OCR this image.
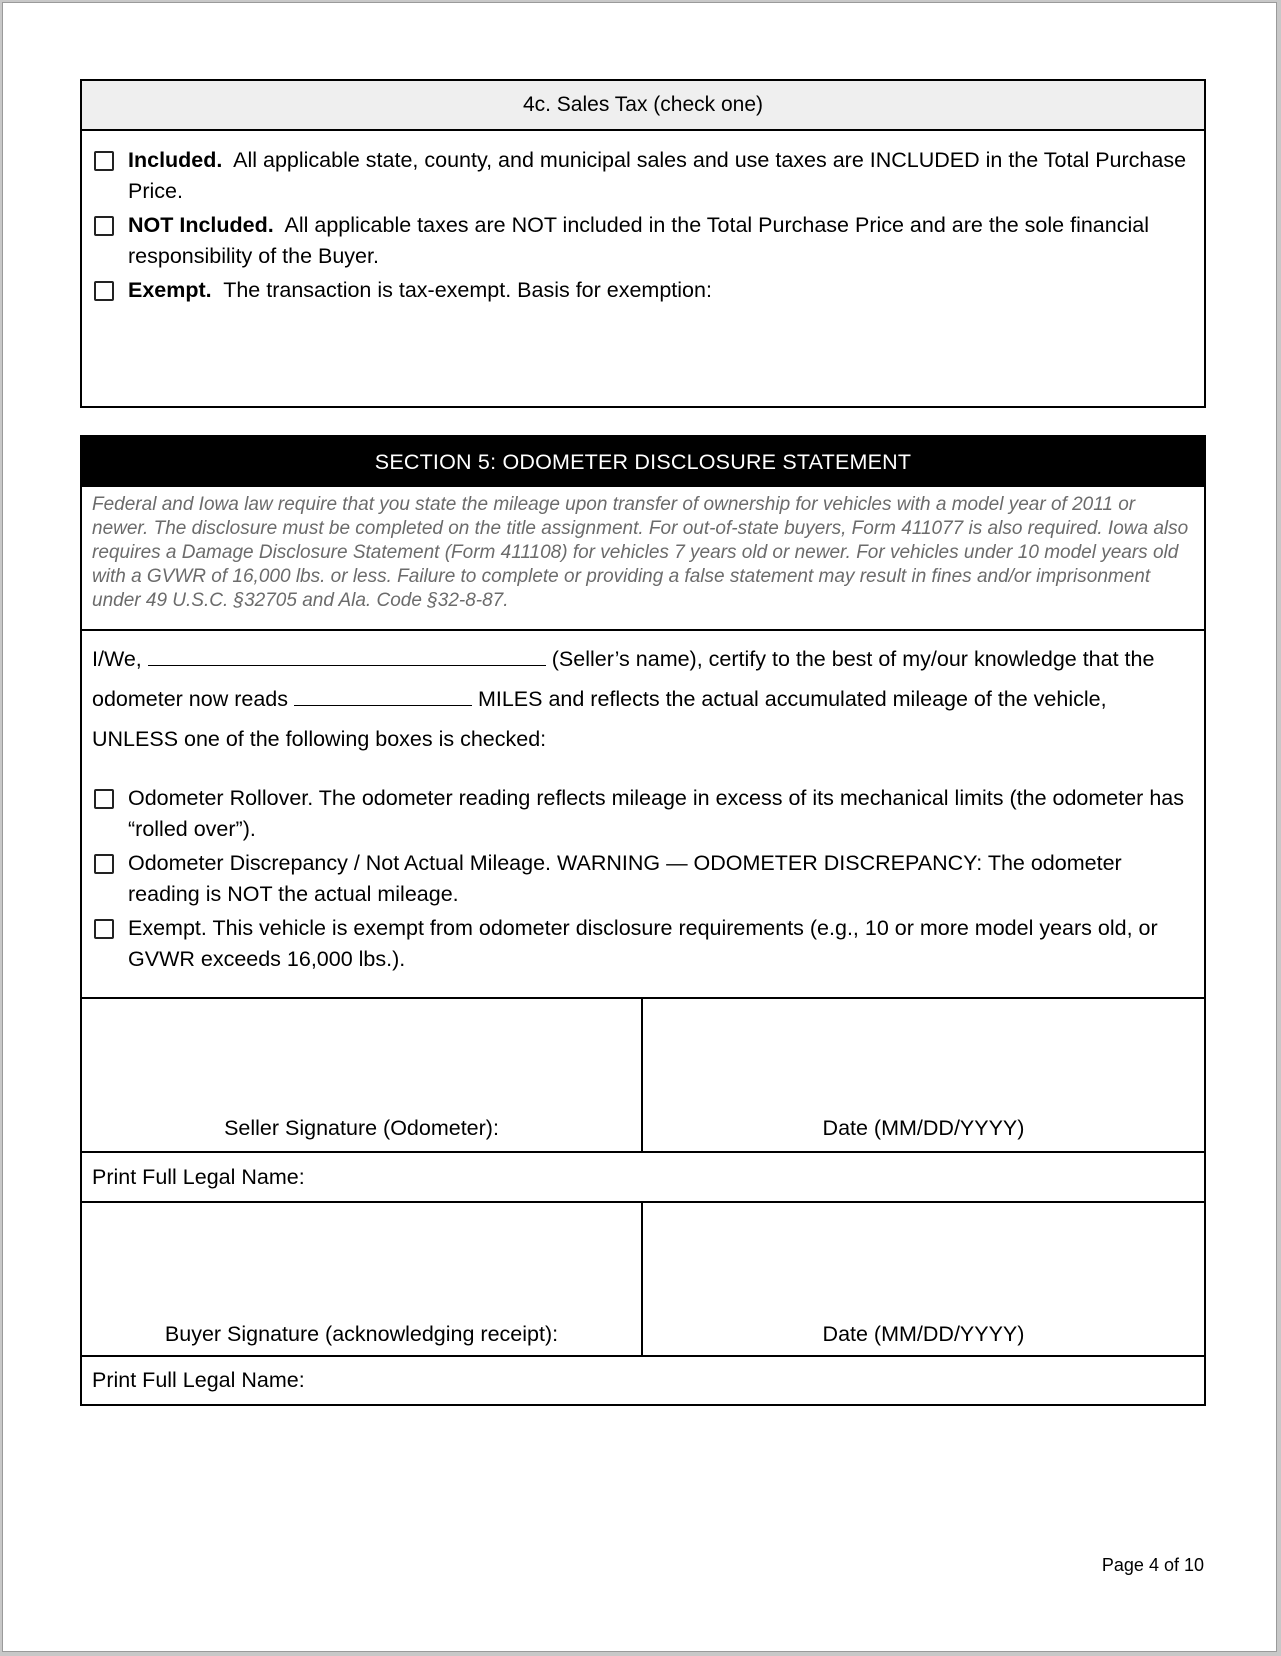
4c. Sales Tax (check one)
Included. All applicable state, county, and municipal sales and use taxes are INCLUDED in the Total Purchase Price.
NOT Included. All applicable taxes are NOT included in the Total Purchase Price and are the sole financial responsibility of the Buyer.
Exempt. The transaction is tax-exempt. Basis for exemption:
SECTION 5: ODOMETER DISCLOSURE STATEMENT
Federal and Iowa law require that you state the mileage upon transfer of ownership for vehicles with a model year of 2011 or newer. The disclosure must be completed on the title assignment. For out-of-state buyers, Form 411077 is also required. Iowa also requires a Damage Disclosure Statement (Form 411108) for vehicles 7 years old or newer. For vehicles under 10 model years old with a GVWR of 16,000 lbs. or less. Failure to complete or providing a false statement may result in fines and/or imprisonment under 49 U.S.C. §32705 and Ala. Code §32-8-87.
I/We,	(Seller’s name), certify to the best of my/our knowledge that the odometer now reads	MILES and reflects the actual accumulated mileage of the vehicle, UNLESS one of the following boxes is checked:
Odometer Rollover. The odometer reading reflects mileage in excess of its mechanical limits (the odometer has “rolled over”).
Odometer Discrepancy / Not Actual Mileage. WARNING — ODOMETER DISCREPANCY: The odometer reading is NOT the actual mileage.
Exempt. This vehicle is exempt from odometer disclosure requirements (e.g., 10 or more model years old, or GVWR exceeds 16,000 lbs.).
Seller Signature (Odometer):	Date (MM/DD/YYYY)
Print Full Legal Name:
Buyer Signature (acknowledging receipt):	Date (MM/DD/YYYY)
Print Full Legal Name:
Page 4 of 10
